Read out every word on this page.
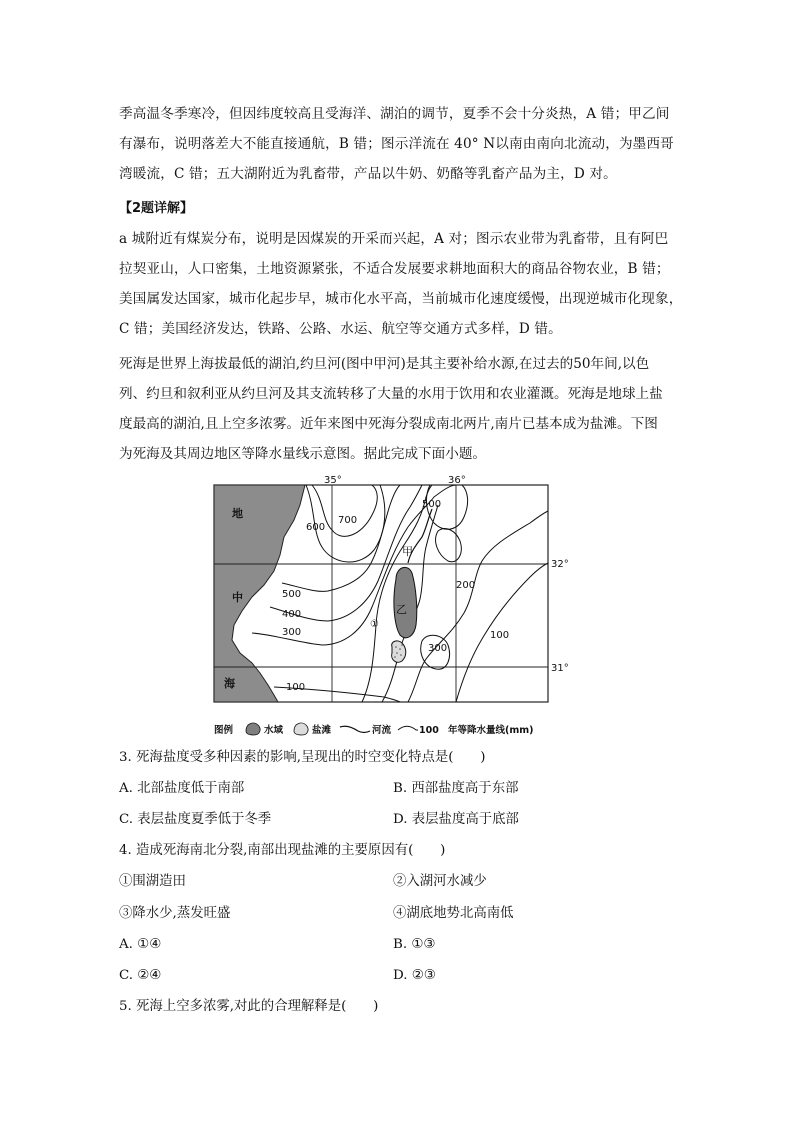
季高温冬季寒冷，但因纬度较高且受海洋、湖泊的调节，夏季不会十分炎热，A 错；甲乙间
有瀑布，说明落差大不能直接通航，B 错；图示洋流在 40° N以南由南向北流动，为墨西哥
湾暖流，C 错；五大湖附近为乳畜带，产品以牛奶、奶酪等乳畜产品为主，D 对。
【2题详解】
a 城附近有煤炭分布，说明是因煤炭的开采而兴起，A 对；图示农业带为乳畜带，且有阿巴
拉契亚山，人口密集，土地资源紧张，不适合发展要求耕地面积大的商品谷物农业，B 错；
美国属发达国家，城市化起步早，城市化水平高，当前城市化速度缓慢，出现逆城市化现象，
C 错；美国经济发达，铁路、公路、水运、航空等交通方式多样，D 错。
死海是世界上海拔最低的湖泊,约旦河(图中甲河)是其主要补给水源,在过去的50年间,以色
列、约旦和叙利亚从约旦河及其支流转移了大量的水用于饮用和农业灌溉。死海是地球上盐
度最高的湖泊,且上空多浓雾。近年来图中死海分裂成南北两片,南片已基本成为盐滩。下图
为死海及其周边地区等降水量线示意图。据此完成下面小题。
35°	36°
32°
31°
地
中
海
700
600
500
500
400
300
300
200
100
100
甲
乙
①
图例	水域	盐滩	河流	100 年等降水量线(mm)
3. 死海盐度受多种因素的影响,呈现出的时空变化特点是(　　)
A. 北部盐度低于南部	B. 西部盐度高于东部
C. 表层盐度夏季低于冬季	D. 表层盐度高于底部
4. 造成死海南北分裂,南部出现盐滩的主要原因有(　　)
①围湖造田	②入湖河水减少
③降水少,蒸发旺盛	④湖底地势北高南低
A. ①④	B. ①③
C. ②④	D. ②③
5. 死海上空多浓雾,对此的合理解释是(　　)
